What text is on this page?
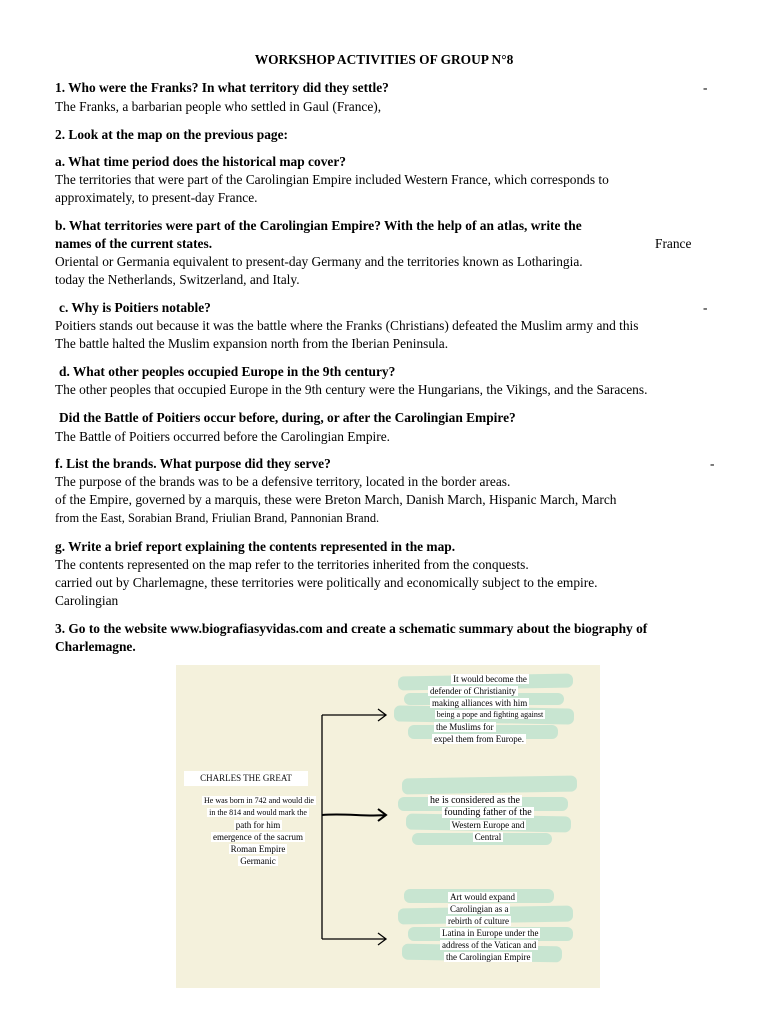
WORKSHOP ACTIVITIES OF GROUP N°8
1. Who were the Franks? In what territory did they settle?	-
The Franks, a barbarian people who settled in Gaul (France),
2. Look at the map on the previous page:
a. What time period does the historical map cover?
The territories that were part of the Carolingian Empire included Western France, which corresponds to
approximately, to present-day France.
b. What territories were part of the Carolingian Empire? With the help of an atlas, write the
names of the current states.	France
Oriental or Germania equivalent to present-day Germany and the territories known as Lotharingia.
today the Netherlands, Switzerland, and Italy.
c. Why is Poitiers notable?	-
Poitiers stands out because it was the battle where the Franks (Christians) defeated the Muslim army and this
The battle halted the Muslim expansion north from the Iberian Peninsula.
d. What other peoples occupied Europe in the 9th century?
The other peoples that occupied Europe in the 9th century were the Hungarians, the Vikings, and the Saracens.
Did the Battle of Poitiers occur before, during, or after the Carolingian Empire?
The Battle of Poitiers occurred before the Carolingian Empire.
f. List the brands. What purpose did they serve?	-
The purpose of the brands was to be a defensive territory, located in the border areas.
of the Empire, governed by a marquis, these were Breton March, Danish March, Hispanic March, March
from the East, Sorabian Brand, Friulian Brand, Pannonian Brand.
g. Write a brief report explaining the contents represented in the map.
The contents represented on the map refer to the territories inherited from the conquests.
carried out by Charlemagne, these territories were politically and economically subject to the empire.
Carolingian
3. Go to the website www.biografiasyvidas.com and create a schematic summary about the biography of
Charlemagne.
CHARLES THE GREAT
He was born in 742 and would die
in the 814 and would mark the
path for him
emergence of the sacrum
Roman Empire
Germanic
It would become the
defender of Christianity
making alliances with him
being a pope and fighting against
the Muslims for
expel them from Europe.
he is considered as the
founding father of the
Western Europe and
Central
Art would expand
Carolingian as a
rebirth of culture
Latina in Europe under the
address of the Vatican and
the Carolingian Empire
